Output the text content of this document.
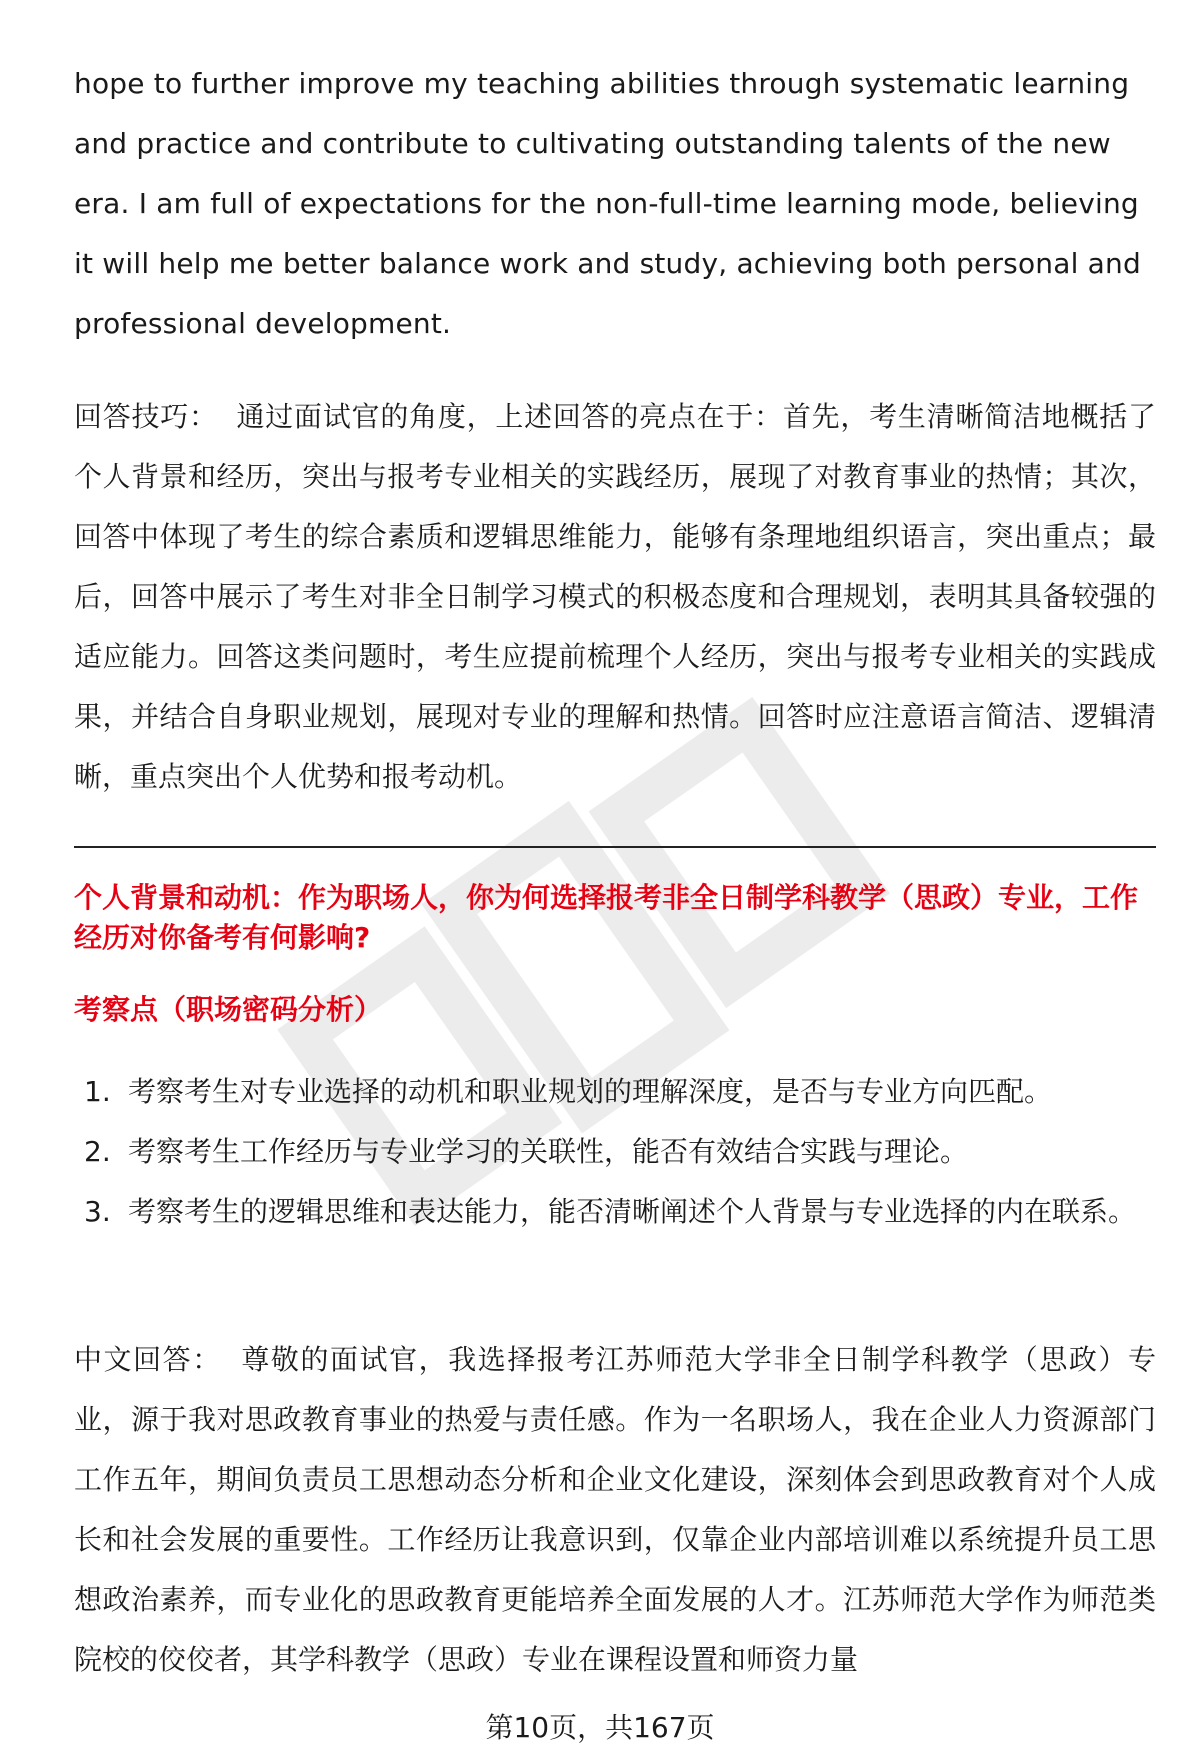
hope to further improve my teaching abilities through systematic learning and practice and contribute to cultivating outstanding talents of the new era. I am full of expectations for the non-full-time learning mode, believing it will help me better balance work and study, achieving both personal and professional development.

回答技巧： 通过面试官的角度，上述回答的亮点在于：首先，考生清晰简洁地概括了个人背景和经历，突出与报考专业相关的实践经历，展现了对教育事业的热情；其次，回答中体现了考生的综合素质和逻辑思维能力，能够有条理地组织语言，突出重点；最后，回答中展示了考生对非全日制学习模式的积极态度和合理规划，表明其具备较强的适应能力。回答这类问题时，考生应提前梳理个人经历，突出与报考专业相关的实践成果，并结合自身职业规划，展现对专业的理解和热情。回答时应注意语言简洁、逻辑清晰，重点突出个人优势和报考动机。

个人背景和动机：作为职场人，你为何选择报考非全日制学科教学（思政）专业，工作经历对你备考有何影响?

考察点（职场密码分析）

1. 考察考生对专业选择的动机和职业规划的理解深度，是否与专业方向匹配。
2. 考察考生工作经历与专业学习的关联性，能否有效结合实践与理论。
3. 考察考生的逻辑思维和表达能力，能否清晰阐述个人背景与专业选择的内在联系。

中文回答： 尊敬的面试官，我选择报考江苏师范大学非全日制学科教学（思政）专业，源于我对思政教育事业的热爱与责任感。作为一名职场人，我在企业人力资源部门工作五年，期间负责员工思想动态分析和企业文化建设，深刻体会到思政教育对个人成长和社会发展的重要性。工作经历让我意识到，仅靠企业内部培训难以系统提升员工思想政治素养，而专业化的思政教育更能培养全面发展的人才。江苏师范大学作为师范类院校的佼佼者，其学科教学（思政）专业在课程设置和师资力量

第10页，共167页
